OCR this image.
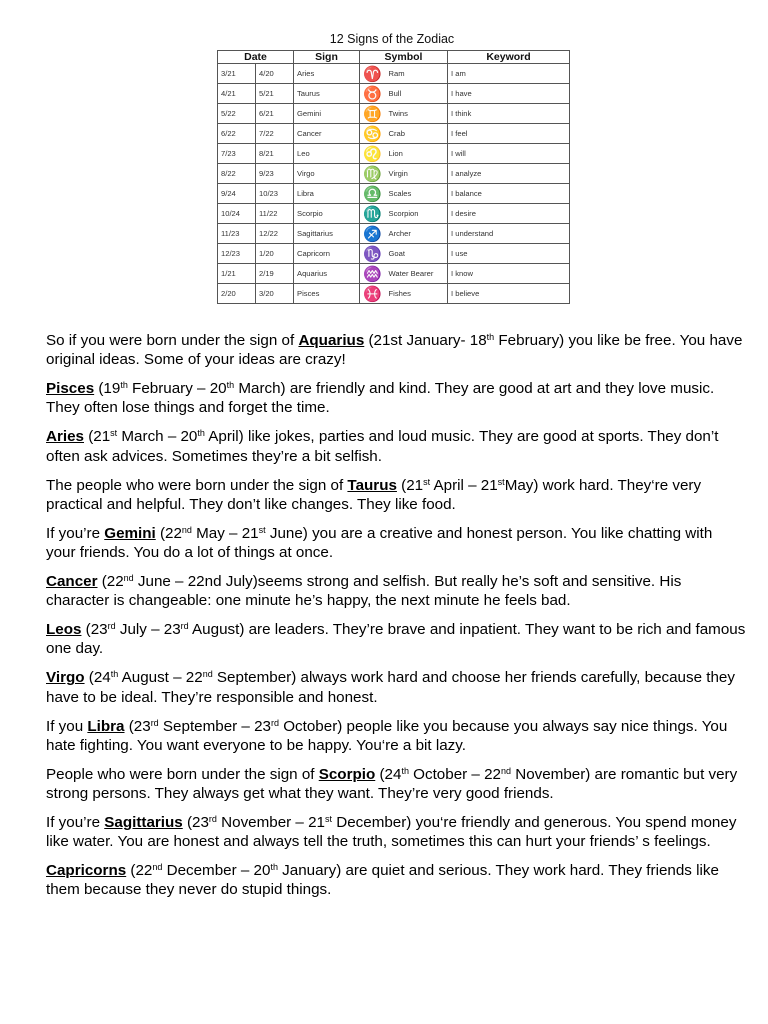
12 Signs of the Zodiac
Date		Sign	Symbol		Keyword
3/21	4/20	Aries	♈	Ram	I am
4/21	5/21	Taurus	♉	Bull	I have
5/22	6/21	Gemini	♊	Twins	I think
6/22	7/22	Cancer	♋	Crab	I feel
7/23	8/21	Leo	♌	Lion	I will
8/22	9/23	Virgo	♍	Virgin	I analyze
9/24	10/23	Libra	♎	Scales	I balance
10/24	11/22	Scorpio	♏	Scorpion	I desire
11/23	12/22	Sagittarius	♐	Archer	I understand
12/23	1/20	Capricorn	♑	Goat	I use
1/21	2/19	Aquarius	♒	Water Bearer	I know
2/20	3/20	Pisces	♓	Fishes	I believe

So if you were born under the sign of Aquarius (21st January- 18th February) you like be free. You have original ideas. Some of your ideas are crazy!

Pisces (19th February – 20th March) are friendly and kind. They are good at art and they love music. They often lose things and forget the time.

Aries (21st March – 20th April) like jokes, parties and loud music. They are good at sports. They don’t often ask advices. Sometimes they’re a bit selfish.

The people who were born under the sign of Taurus (21st April – 21stMay) work hard. They‘re very practical and helpful. They don’t like changes. They like food.

If you’re Gemini (22nd May – 21st June) you are a creative and honest person. You like chatting with your friends. You do a lot of things at once.

Cancer (22nd June – 22nd July)seems strong and selfish. But really he’s soft and sensitive. His character is changeable: one minute he’s happy, the next minute he feels bad.

Leos (23rd July – 23rd August) are leaders. They’re brave and inpatient. They want to be rich and famous one day.

Virgo (24th August – 22nd September) always work hard and choose her friends carefully, because they have to be ideal. They’re responsible and honest.

If you Libra (23rd September – 23rd October) people like you because you always say nice things. You hate fighting. You want everyone to be happy. You‘re a bit lazy.

People who were born under the sign of Scorpio (24th October – 22nd November) are romantic but very strong persons. They always get what they want. They’re very good friends.

If you’re Sagittarius (23rd November – 21st December) you‘re friendly and generous. You spend money like water. You are honest and always tell the truth, sometimes this can hurt your friends’ s feelings.

Capricorns (22nd December – 20th January) are quiet and serious. They work hard. They friends like them because they never do stupid things.
